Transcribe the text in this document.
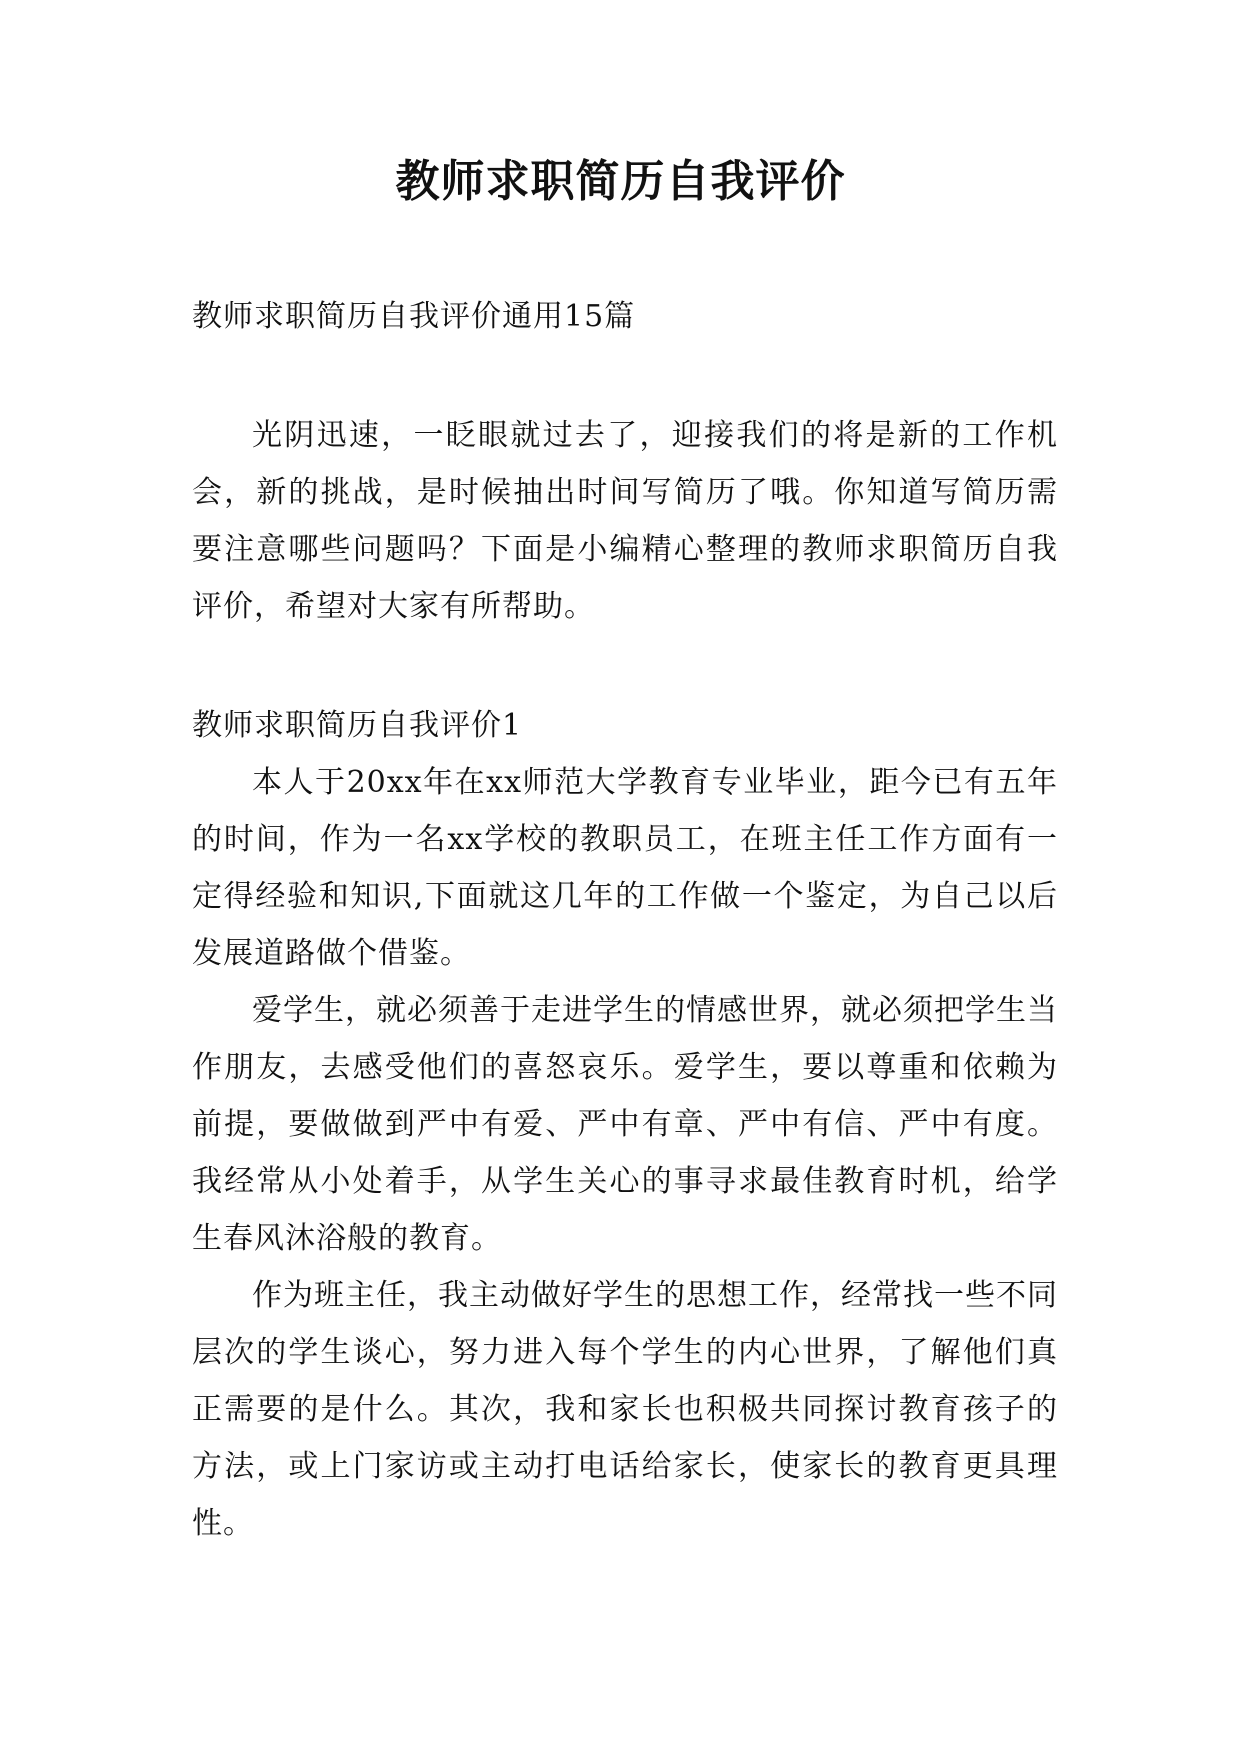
教师求职简历自我评价

教师求职简历自我评价通用15篇

光阴迅速，一眨眼就过去了，迎接我们的将是新的工作机会，新的挑战，是时候抽出时间写简历了哦。你知道写简历需要注意哪些问题吗？下面是小编精心整理的教师求职简历自我评价，希望对大家有所帮助。

教师求职简历自我评价1

本人于20xx年在xx师范大学教育专业毕业，距今已有五年的时间，作为一名xx学校的教职员工，在班主任工作方面有一定得经验和知识,下面就这几年的工作做一个鉴定，为自己以后发展道路做个借鉴。

爱学生，就必须善于走进学生的情感世界，就必须把学生当作朋友，去感受他们的喜怒哀乐。爱学生，要以尊重和依赖为前提，要做做到严中有爱、严中有章、严中有信、严中有度。我经常从小处着手，从学生关心的事寻求最佳教育时机，给学生春风沐浴般的教育。

作为班主任，我主动做好学生的思想工作，经常找一些不同层次的学生谈心，努力进入每个学生的内心世界，了解他们真正需要的是什么。其次，我和家长也积极共同探讨教育孩子的方法，或上门家访或主动打电话给家长，使家长的教育更具理性。
